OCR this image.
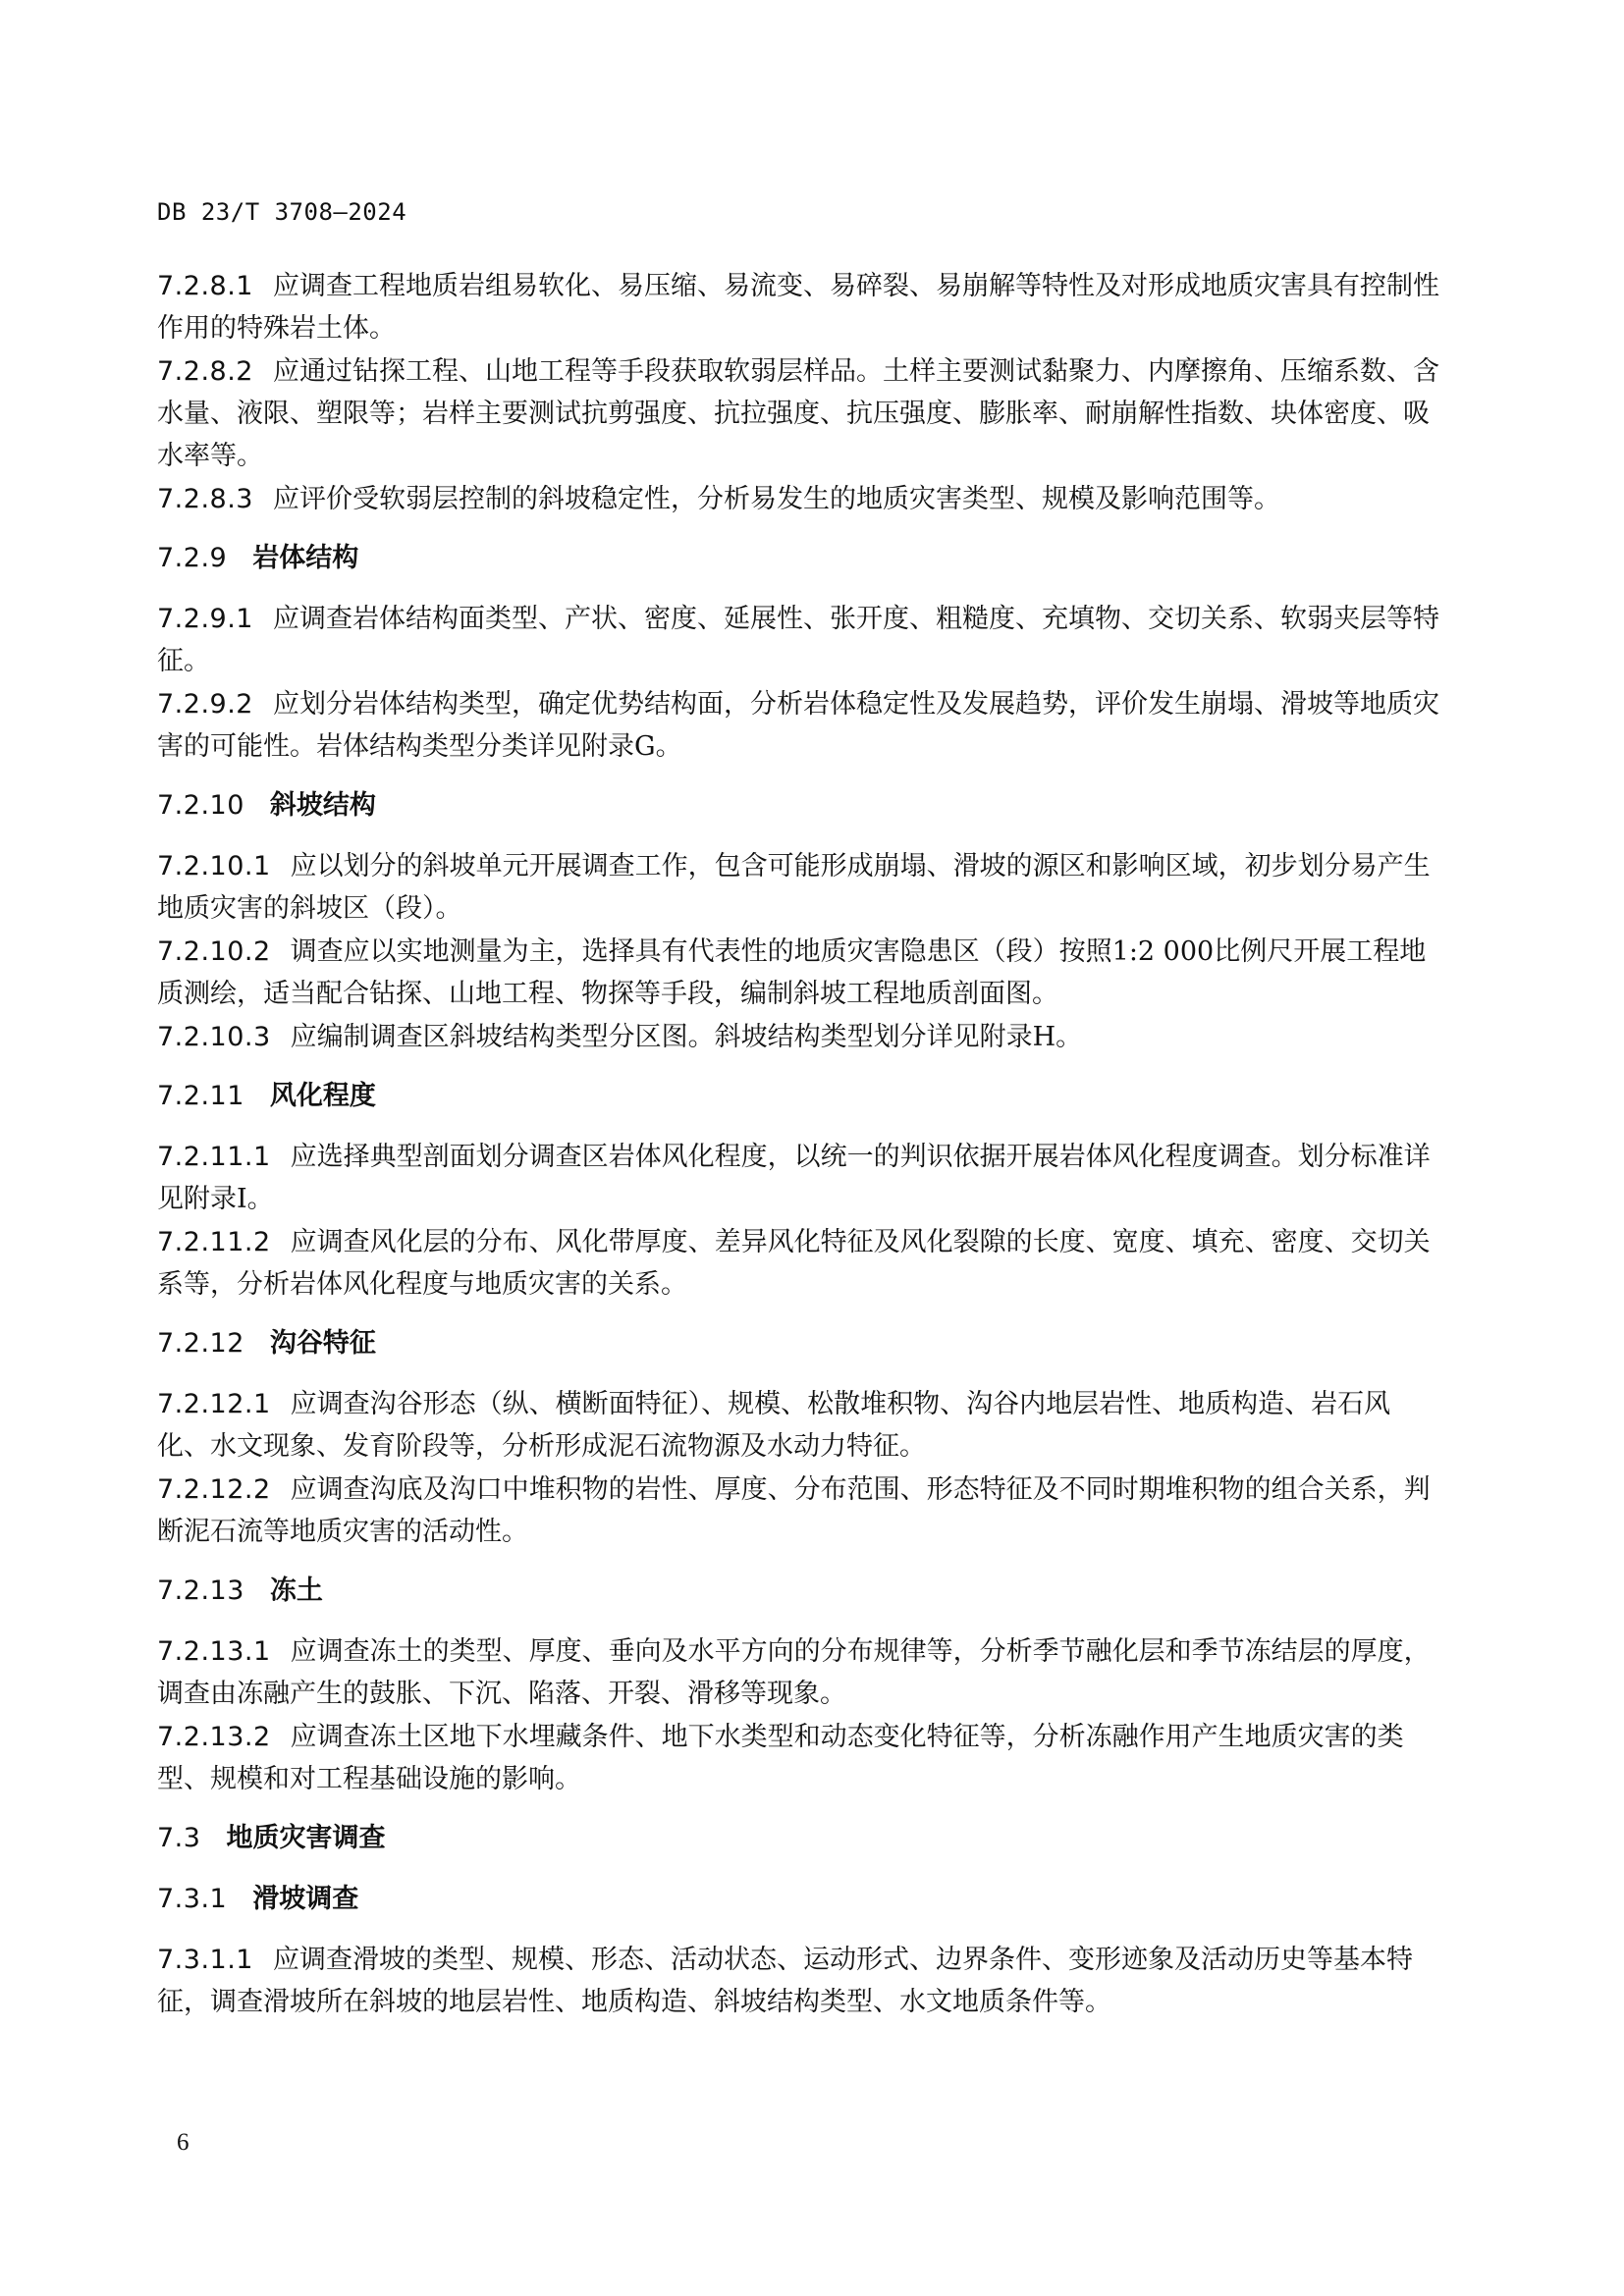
DB 23/T 3708—2024
7.2.8.1 应调查工程地质岩组易软化、易压缩、易流变、易碎裂、易崩解等特性及对形成地质灾害具有控制性作用的特殊岩土体。
7.2.8.2 应通过钻探工程、山地工程等手段获取软弱层样品。土样主要测试黏聚力、内摩擦角、压缩系数、含水量、液限、塑限等；岩样主要测试抗剪强度、抗拉强度、抗压强度、膨胀率、耐崩解性指数、块体密度、吸水率等。
7.2.8.3 应评价受软弱层控制的斜坡稳定性，分析易发生的地质灾害类型、规模及影响范围等。
7.2.9 岩体结构
7.2.9.1 应调查岩体结构面类型、产状、密度、延展性、张开度、粗糙度、充填物、交切关系、软弱夹层等特征。
7.2.9.2 应划分岩体结构类型，确定优势结构面，分析岩体稳定性及发展趋势，评价发生崩塌、滑坡等地质灾害的可能性。岩体结构类型分类详见附录G。
7.2.10 斜坡结构
7.2.10.1 应以划分的斜坡单元开展调查工作，包含可能形成崩塌、滑坡的源区和影响区域，初步划分易产生地质灾害的斜坡区（段）。
7.2.10.2 调查应以实地测量为主，选择具有代表性的地质灾害隐患区（段）按照1:2 000比例尺开展工程地质测绘，适当配合钻探、山地工程、物探等手段，编制斜坡工程地质剖面图。
7.2.10.3 应编制调查区斜坡结构类型分区图。斜坡结构类型划分详见附录H。
7.2.11 风化程度
7.2.11.1 应选择典型剖面划分调查区岩体风化程度，以统一的判识依据开展岩体风化程度调查。划分标准详见附录I。
7.2.11.2 应调查风化层的分布、风化带厚度、差异风化特征及风化裂隙的长度、宽度、填充、密度、交切关系等，分析岩体风化程度与地质灾害的关系。
7.2.12 沟谷特征
7.2.12.1 应调查沟谷形态（纵、横断面特征）、规模、松散堆积物、沟谷内地层岩性、地质构造、岩石风化、水文现象、发育阶段等，分析形成泥石流物源及水动力特征。
7.2.12.2 应调查沟底及沟口中堆积物的岩性、厚度、分布范围、形态特征及不同时期堆积物的组合关系，判断泥石流等地质灾害的活动性。
7.2.13 冻土
7.2.13.1 应调查冻土的类型、厚度、垂向及水平方向的分布规律等，分析季节融化层和季节冻结层的厚度，调查由冻融产生的鼓胀、下沉、陷落、开裂、滑移等现象。
7.2.13.2 应调查冻土区地下水埋藏条件、地下水类型和动态变化特征等，分析冻融作用产生地质灾害的类型、规模和对工程基础设施的影响。
7.3 地质灾害调查
7.3.1 滑坡调查
7.3.1.1 应调查滑坡的类型、规模、形态、活动状态、运动形式、边界条件、变形迹象及活动历史等基本特征，调查滑坡所在斜坡的地层岩性、地质构造、斜坡结构类型、水文地质条件等。
6
